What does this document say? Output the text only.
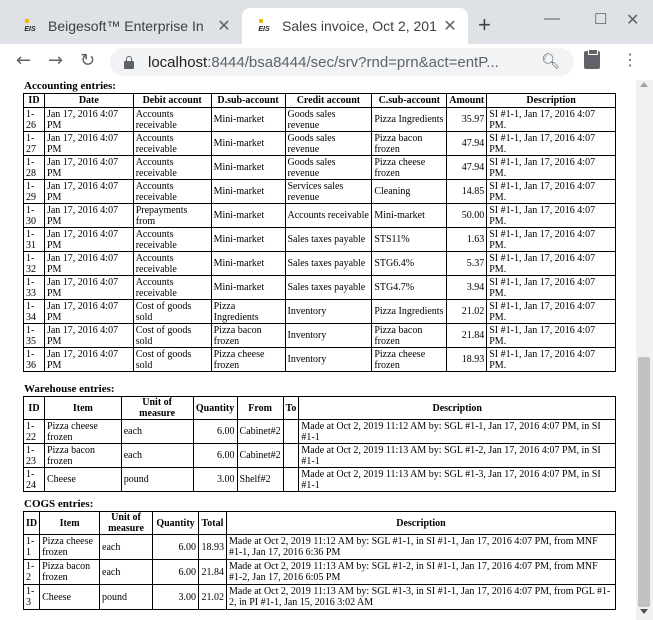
EIS Beigesoft™ Enterprise In ✕	EIS Sales invoice, Oct 2, 201 ✕ +	— ☐ ✕
← → ↻	localhost :8444/bsa8444/sec/srv?rnd=prn&act=entP...	🔍︎	⋮
Accounting entries:
ID	Date	Debit account	D.sub-account	Credit account	C.sub-account	Amount	Description
1-26	Jan 17, 2016 4:07 PM	Accounts receivable	Mini-market	Goods sales revenue	Pizza Ingredients	35.97	SI #1-1, Jan 17, 2016 4:07 PM.
1-27	Jan 17, 2016 4:07 PM	Accounts receivable	Mini-market	Goods sales revenue	Pizza bacon frozen	47.94	SI #1-1, Jan 17, 2016 4:07 PM.
1-28	Jan 17, 2016 4:07 PM	Accounts receivable	Mini-market	Goods sales revenue	Pizza cheese frozen	47.94	SI #1-1, Jan 17, 2016 4:07 PM.
1-29	Jan 17, 2016 4:07 PM	Accounts receivable	Mini-market	Services sales revenue	Cleaning	14.85	SI #1-1, Jan 17, 2016 4:07 PM.
1-30	Jan 17, 2016 4:07 PM	Prepayments from	Mini-market	Accounts receivable	Mini-market	50.00	SI #1-1, Jan 17, 2016 4:07 PM.
1-31	Jan 17, 2016 4:07 PM	Accounts receivable	Mini-market	Sales taxes payable	STS11%	1.63	SI #1-1, Jan 17, 2016 4:07 PM.
1-32	Jan 17, 2016 4:07 PM	Accounts receivable	Mini-market	Sales taxes payable	STG6.4%	5.37	SI #1-1, Jan 17, 2016 4:07 PM.
1-33	Jan 17, 2016 4:07 PM	Accounts receivable	Mini-market	Sales taxes payable	STG4.7%	3.94	SI #1-1, Jan 17, 2016 4:07 PM.
1-34	Jan 17, 2016 4:07 PM	Cost of goods sold	Pizza Ingredients	Inventory	Pizza Ingredients	21.02	SI #1-1, Jan 17, 2016 4:07 PM.
1-35	Jan 17, 2016 4:07 PM	Cost of goods sold	Pizza bacon frozen	Inventory	Pizza bacon frozen	21.84	SI #1-1, Jan 17, 2016 4:07 PM.
1-36	Jan 17, 2016 4:07 PM	Cost of goods sold	Pizza cheese frozen	Inventory	Pizza cheese frozen	18.93	SI #1-1, Jan 17, 2016 4:07 PM.
Warehouse entries:
ID	Item	Unit of measure	Quantity	From	To	Description
1-22	Pizza cheese frozen	each	6.00	Cabinet#2		Made at Oct 2, 2019 11:12 AM by: SGL #1-1, Jan 17, 2016 4:07 PM, in SI #1-1
1-23	Pizza bacon frozen	each	6.00	Cabinet#2		Made at Oct 2, 2019 11:13 AM by: SGL #1-2, Jan 17, 2016 4:07 PM, in SI #1-1
1-24	Cheese	pound	3.00	Shelf#2		Made at Oct 2, 2019 11:13 AM by: SGL #1-3, Jan 17, 2016 4:07 PM, in SI #1-1
COGS entries:
ID	Item	Unit of measure	Quantity	Total	Description
1-1	Pizza cheese frozen	each	6.00	18.93	Made at Oct 2, 2019 11:12 AM by: SGL #1-1, in SI #1-1, Jan 17, 2016 4:07 PM, from MNF #1-1, Jan 17, 2016 6:36 PM
1-2	Pizza bacon frozen	each	6.00	21.84	Made at Oct 2, 2019 11:13 AM by: SGL #1-2, in SI #1-1, Jan 17, 2016 4:07 PM, from MNF #1-2, Jan 17, 2016 6:05 PM
1-3	Cheese	pound	3.00	21.02	Made at Oct 2, 2019 11:13 AM by: SGL #1-3, in SI #1-1, Jan 17, 2016 4:07 PM, from PGL #1-2, in PI #1-1, Jan 15, 2016 3:02 AM
